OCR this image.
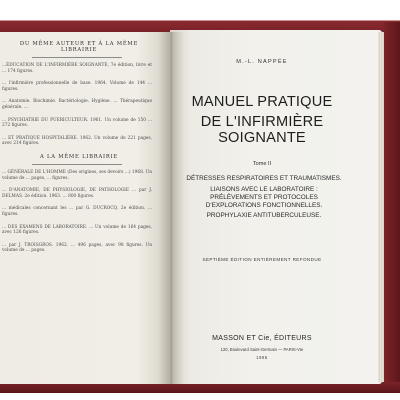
DU MÊME AUTEUR ET À LA MÊME LIBRAIRIE
...ÉDUCATION DE L'INFIRMIÈRE SOIGNANTE, 7e édition, livre et ... 174 figures.
... l'infirmière professionnelle de base. 1964. Volume de 144 ... figures.
... Anatomie. Biochimie. Bactériologie. Hygiène. ... Thérapeutique générale. ...
... PSYCHIATRIE DU PUERICULTEUR. 1961. Un volume de 150 ... 272 figures.
... ET PRATIQUE HOSPITALIÈRE. 1962. Un volume de 221 pages, avec 214 figures.
A LA MÊME LIBRAIRIE
... GÉNÉRALE DE L'HOMME (Des origines, ses devoirs ...) 1968. Un volume de ... pages, ... figures.
... D'ANATOMIE, DE PHYSIOLOGIE, DE PATHOLOGIE ... par J. DELMAS. 2e édition. 1963. ... 800 figures.
... médicales concernant les ... par G. DUCROCQ. 2e édition. ... figures.
... DES EXAMENS DE LABORATOIRE. ... Un volume de 164 pages, avec 126 figures.
... par J. TROISGROS. 1962. ... 496 pages, avec 98 figures. Un volume de ... pages.
M.-L. NAPPÉE
MANUEL PRATIQUE
DE L'INFIRMIÈRE SOIGNANTE
Tome II
DÉTRESSES RESPIRATOIRES ET TRAUMATISMES.
LIAISONS AVEC LE LABORATOIRE : PRÉLÈVEMENTS ET PROTOCOLES D'EXPLORATIONS FONCTIONNELLES.
PROPHYLAXIE ANTITUBERCULEUSE.
SEPTIÈME ÉDITION ENTIÈREMENT REFONDUE
MASSON ET Cie, ÉDITEURS
120, Boulevard Saint-Germain — PARIS-VIe
1965
